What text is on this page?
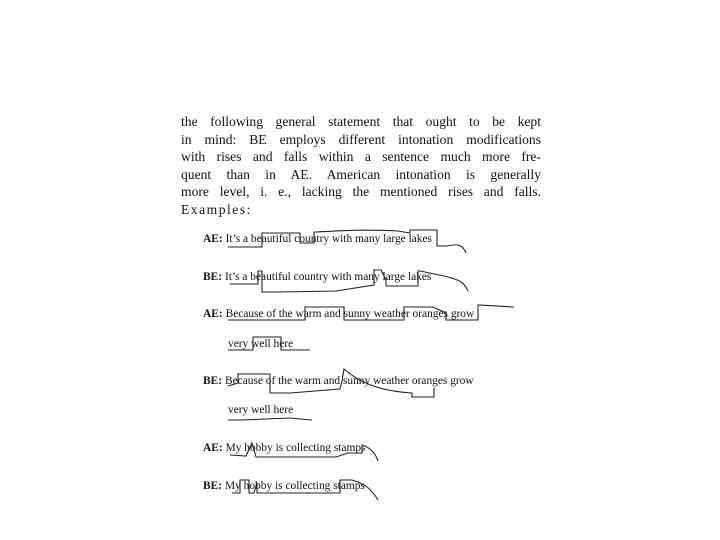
the following general statement that ought to be kept
in mind: BE employs different intonation modifications
with rises and falls within a sentence much more fre-
quent than in AE. American intonation is generally
more level, i. e., lacking the mentioned rises and falls.
Examples:
AE: It’s a beautiful country with many large lakes
BE: It’s a beautiful country with many large lakes
AE: Because of the warm and sunny weather oranges grow
very well here
BE: Because of the warm and sunny weather oranges grow
very well here
AE: My hobby is collecting stamps
BE: My hobby is collecting stamps
